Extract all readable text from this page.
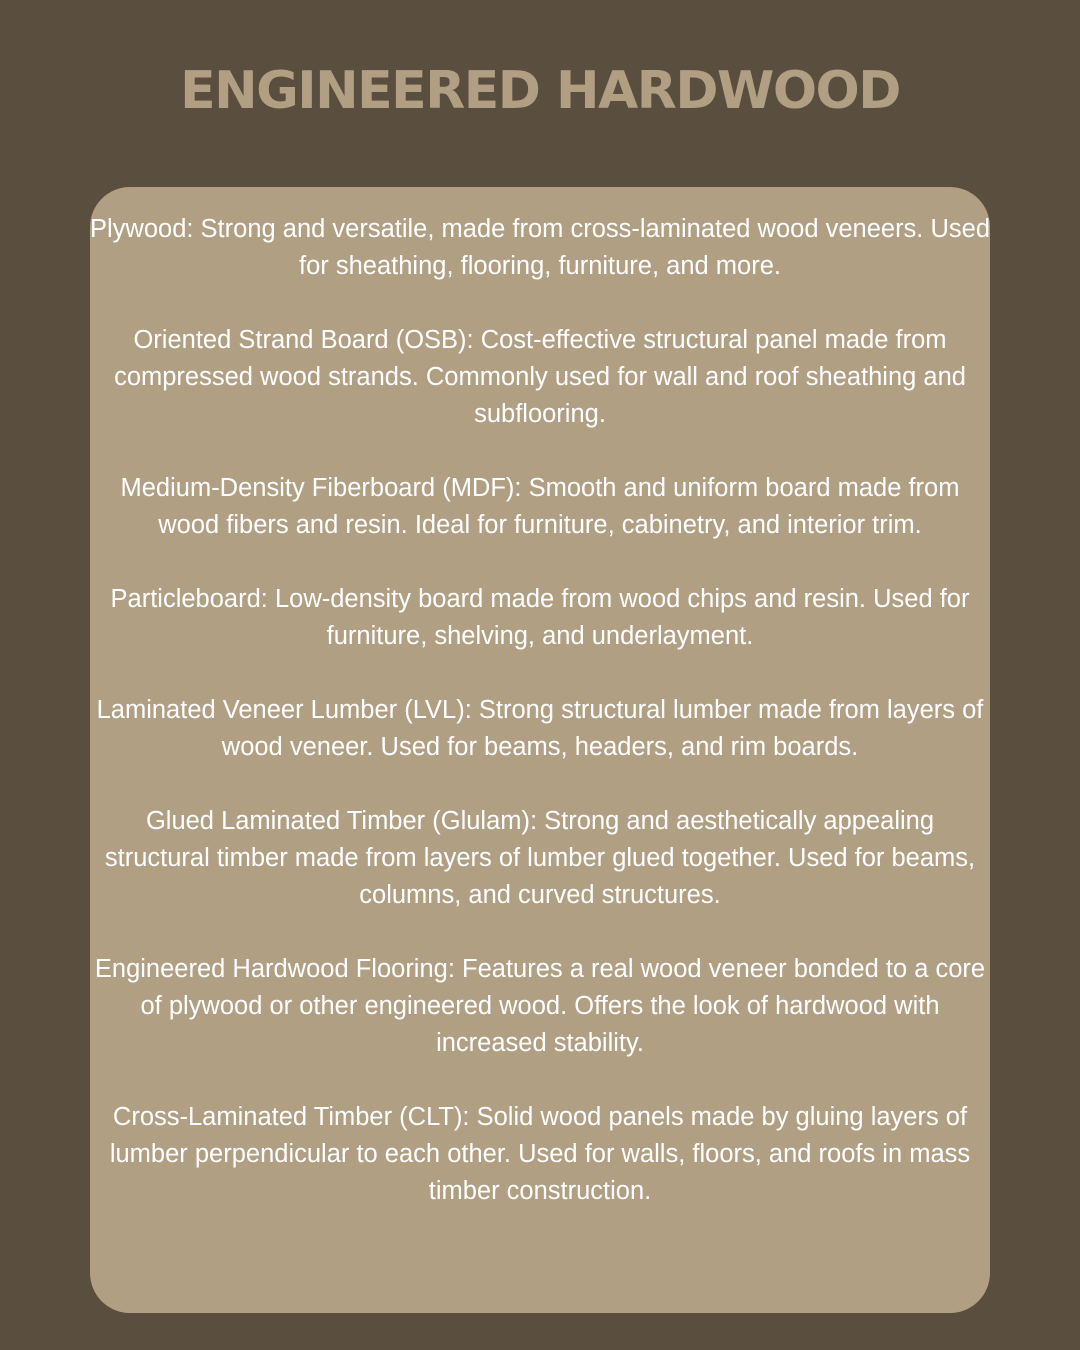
ENGINEERED HARDWOOD
Plywood: Strong and versatile, made from cross-laminated wood veneers. Used for sheathing, flooring, furniture, and more.
Oriented Strand Board (OSB): Cost-effective structural panel made from compressed wood strands. Commonly used for wall and roof sheathing and subflooring.
Medium-Density Fiberboard (MDF): Smooth and uniform board made from wood fibers and resin. Ideal for furniture, cabinetry, and interior trim.
Particleboard: Low-density board made from wood chips and resin. Used for furniture, shelving, and underlayment.
Laminated Veneer Lumber (LVL): Strong structural lumber made from layers of wood veneer. Used for beams, headers, and rim boards.
Glued Laminated Timber (Glulam): Strong and aesthetically appealing structural timber made from layers of lumber glued together. Used for beams, columns, and curved structures.
Engineered Hardwood Flooring: Features a real wood veneer bonded to a core of plywood or other engineered wood. Offers the look of hardwood with increased stability.
Cross-Laminated Timber (CLT): Solid wood panels made by gluing layers of lumber perpendicular to each other. Used for walls, floors, and roofs in mass timber construction.
